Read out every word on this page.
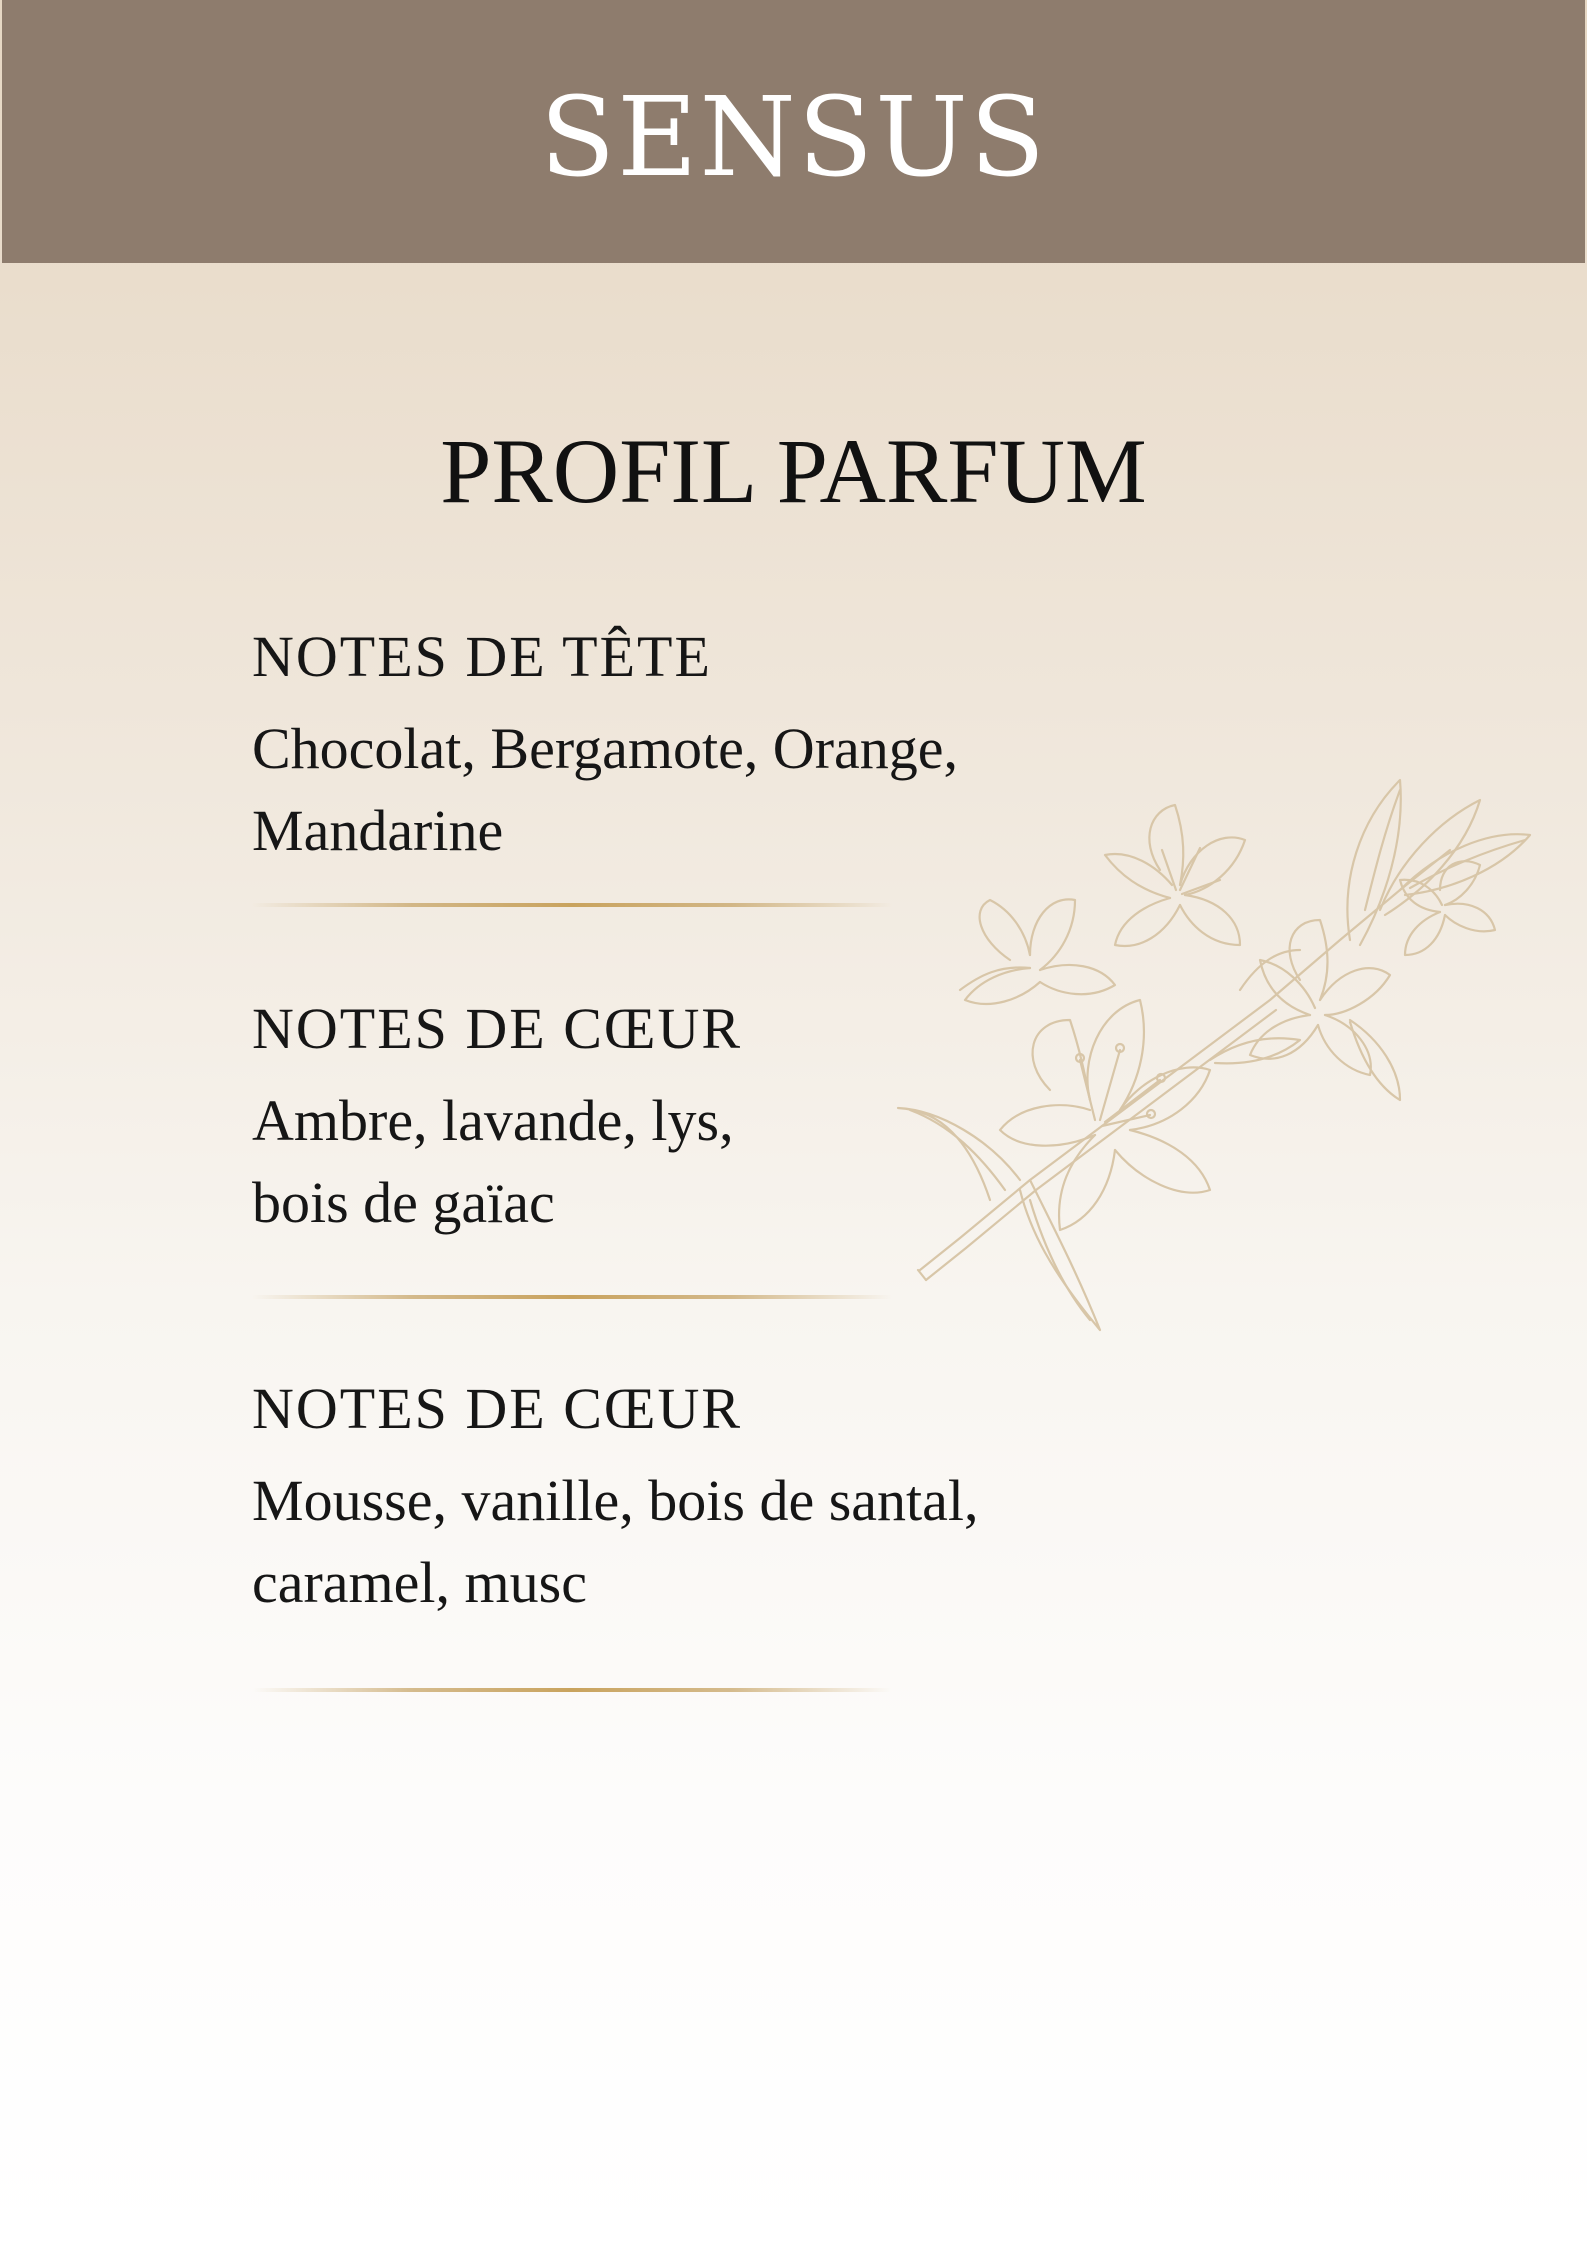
SENSUS
PROFIL PARFUM
NOTES DE TÊTE
Chocolat, Bergamote, Orange,
Mandarine
NOTES DE CŒUR
Ambre, lavande, lys,
bois de gaïac
NOTES DE CŒUR
Mousse, vanille, bois de santal,
caramel, musc
